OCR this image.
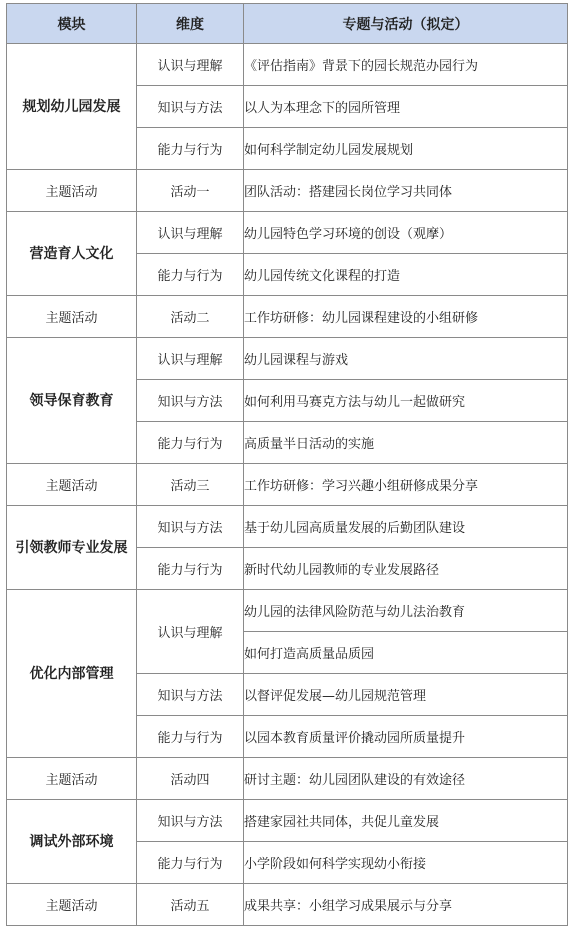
模块	维度	专题与活动（拟定）
规划幼儿园发展	认识与理解	《评估指南》背景下的园长规范办园行为
	知识与方法	以人为本理念下的园所管理
	能力与行为	如何科学制定幼儿园发展规划
主题活动	活动一	团队活动：搭建园长岗位学习共同体
营造育人文化	认识与理解	幼儿园特色学习环境的创设（观摩）
	能力与行为	幼儿园传统文化课程的打造
主题活动	活动二	工作坊研修：幼儿园课程建设的小组研修
领导保育教育	认识与理解	幼儿园课程与游戏
	知识与方法	如何利用马赛克方法与幼儿一起做研究
	能力与行为	高质量半日活动的实施
主题活动	活动三	工作坊研修：学习兴趣小组研修成果分享
引领教师专业发展	知识与方法	基于幼儿园高质量发展的后勤团队建设
	能力与行为	新时代幼儿园教师的专业发展路径
优化内部管理	认识与理解	幼儿园的法律风险防范与幼儿法治教育
		如何打造高质量品质园
	知识与方法	以督评促发展—幼儿园规范管理
	能力与行为	以园本教育质量评价撬动园所质量提升
主题活动	活动四	研讨主题：幼儿园团队建设的有效途径
调试外部环境	知识与方法	搭建家园社共同体，共促儿童发展
	能力与行为	小学阶段如何科学实现幼小衔接
主题活动	活动五	成果共享：小组学习成果展示与分享
